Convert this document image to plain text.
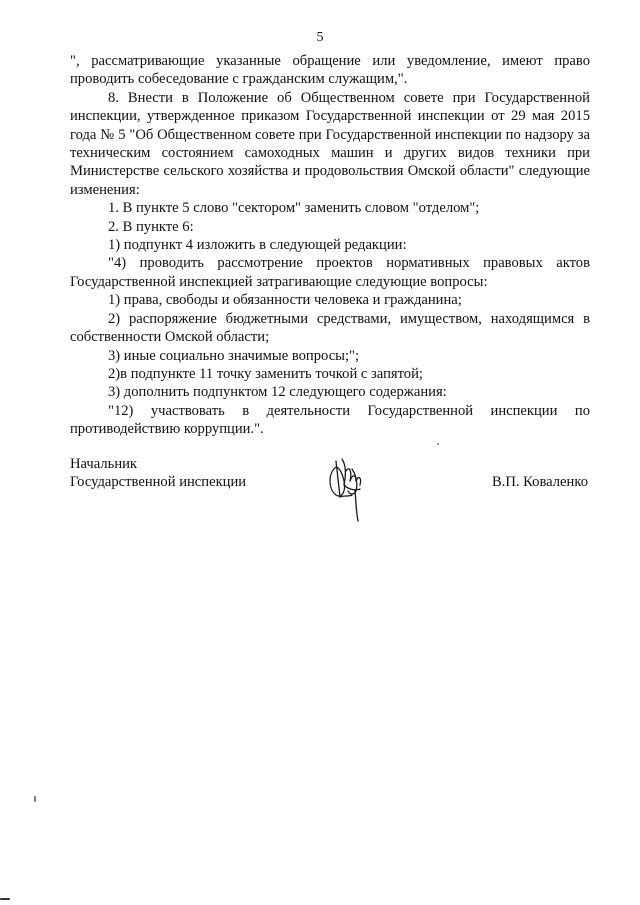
5

", рассматривающие указанные обращение или уведомление, имеют право проводить собеседование с гражданским служащим,".

8. Внести в Положение об Общественном совете при Государственной инспекции, утвержденное приказом Государственной инспекции от 29 мая 2015 года № 5 "Об Общественном совете при Государственной инспекции по надзору за техническим состоянием самоходных машин и других видов техники при Министерстве сельского хозяйства и продовольствия Омской области" следующие изменения:

1. В пункте 5 слово "сектором" заменить словом "отделом";

2. В пункте 6:

1) подпункт 4 изложить в следующей редакции:

"4) проводить рассмотрение проектов нормативных правовых актов Государственной инспекцией затрагивающие следующие вопросы:

1) права, свободы и обязанности человека и гражданина;

2) распоряжение бюджетными средствами, имуществом, находящимся в собственности Омской области;

3) иные социально значимые вопросы;";

2)в подпункте 11 точку заменить точкой с запятой;

3) дополнить подпунктом 12 следующего содержания:

"12) участвовать в деятельности Государственной инспекции по противодействию коррупции.".

Начальник
Государственной инспекции	В.П. Коваленко
